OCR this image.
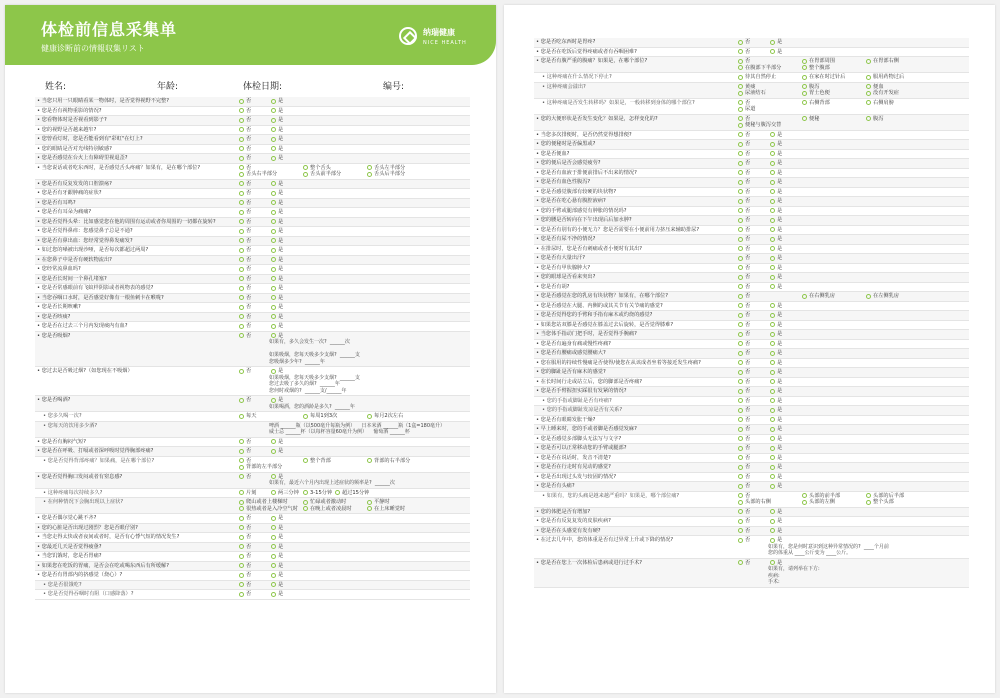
体检前信息采集单
健康诊断前の情報収集リスト
纳瑞健康
NICE HEALTH
姓名:	年龄:	体检日期:	编号:
• 当您只用一只眼睛看某一物体时，是否觉得视野不完整?	否	是
• 您是否有视物重影的情况?	否	是
• 您看物体时是否视看到影子?	否	是
• 您的视野是否越来越窄?	否	是
• 您曾看灯时，您是否能看到有"彩虹"在灯上?	否	是
• 您的眼睛是否对光线特别敏感?	否	是
• 您是否感觉在台火上有障碍里视退歪?	否	是
• 当您说话或者吃东西时，是否感觉舌头疼痛？如果有，是在哪个部位?	否	整个舌头	舌头左半部分
舌头右半部分	舌头前半部分	舌头后半部分
• 您是否有反复发发的口腔溃疡?	否	是
• 您是否有牙龈肿痛的症状?	否	是
• 您是否有耳鸣?	否	是
• 您是否有耳朵为痛痛?	否	是
• 您是否觉得头晕：比如感觉您在他的周围有运动或者你周围的一切都在旋转?	否	是
• 您是否觉得鼻痒：您感觉鼻子总是不通?	否	是
• 您是否有鼻出血：您经常觉得鼻发痛发?	否	是
• 如过您的嗓被出现沙哑，是否每次都超过两周?	否	是
• 在您鼻子中是否有硬软物流出?	否	是
• 您经常流鼻血吗?	否	是
• 您是否长时间一个鼻孔堵塞?	否	是
• 您是否常感眼前有飞蚊样阴影或者视物表的感觉?	否	是
• 当您吞咽口水时，是否感觉好像有一根鱼刺卡在喉咙?	否	是
• 您是否长期咳嗽?	否	是
• 您是否咳痰?	否	是
• 您是否在过去三个月内发现痰内有血?	否	是
• 您是否吸烟?	否	是
如果有，多久会发生一次?  ______次

如果吸烟，您每天吸多少支烟?  ______支
您吸烟多少年?  ______年
• 您过去是否吸过烟?（如您现在不吸烟）	否	是
如果吸烟，您每天吸多少支烟?  ______支
您过去吸了多久的烟?  ______年
您何时戒烟的?  ______支/______年
• 您是否喝酒?	否	是
如果喝酒，您的酒龄是多久?  ______年
• 您多久喝一次?	每天	每周1到3次	每月2次左右
• 您每天的饮用多少酒?	啤酒 ______瓶（以500毫升每瓶为例）    日本米酒 ______瓶（1盒=180毫升）
威士忌 ______杯（以每杯容量60毫升为例）    葡萄酒 ______杯
• 您是否有胸闷气短?	否	是
• 您是否在呼吸、打嗝或者深呼吸时觉得胸部疼痛?	否	是
• 您是否觉得背部疼痛？如果痛，是在哪个部位?	否	整个背部	背部的右半部分
背部的左半部分
• 您是否觉得胸口发闷或者有窒息感?	否	是
如果有，最近六个月内出现上述症状的频率是?  ______次
• 这种疼痛每次持续多久?	片刻	两三分钟 3-15分钟 超过15分钟
• 在何种情况下会胸出现以上症状?	爬山或者上楼梯时	忙碌或者激动时	平静时
很热或者是入冷空气时 在晚上或者凌晨时	在上床睡觉时
• 您是否偶尔觉心跳不齐?	否	是
• 您的心脏是否出现过剧烈？您是否眼仔别?	否	是
• 当您走得太快或者夜间或者时，是否有心悸气短的情况发生?	否	是
• 您最近几天是否觉得疲惫?	否	是
• 当您饥饿时，您是否胃痛?	否	是
• 如果您在吃饭的胃痛，是否会在吃或喝东西后有所缓解?	否	是
• 您是否有胃部内的挤感觉（烧心）?	否	是
• 您是否很饿吃?	否	是
• 您是否觉得吞咽时有阻（口感降落）?	否	是
• 您是否吃东西时是胃疼?	否	是
• 您是否在吃饭后觉得疼痛或者有吞咽困难?	否	是
• 您是否有腹严重的腹痛？如果是，在哪个部位?	否	在胃部周围	在胃部右侧
在腹部下半部分	整个腹部
• 这种疼痛在什么情况下停止?	待其自然停止	在家在时过针后	服用药物过后
• 这种疼痛会溢出?	黄痰	腹泻	便血
尿液结石	胃土色便	没有开发症
• 这种疼痛是否发生转移吗？如果是，一般转移到身体的哪个部位?	否	右侧背部	右侧肩膀
尿道
• 您的大便形状是否发生变化？如果是，怎样变化的?	否	便秘	腹泻
便秘与腹泻交替
• 当您多次排便时，是否仍然觉得想排便?	否	是
• 您的便秘时是否偏黑或?	否	是
• 您是否便血?	否	是
• 您的便后是否会感觉疲劳?	否	是
• 您是否有血液于排便前排后不出来的情况?	否	是
• 您是否有血色性腹泻?	否	是
• 您是否感觉腹部有较硬的块状物?	否	是
• 您是否在吃心悬有腹腔液病?	否	是
• 您的手臂或腿部感觉有肿胀的情况吗?	否	是
• 您的腰是否转向在下午出现后后加水肿?	否	是
• 您是否有别有的小便无力？您是否需要在小便前用力挤压来辅助排尿?	否	是
• 您是否有尿不净的情况?	否	是
• 在排尿时，您是否有刺痛或者小便时有其出?	否	是
• 您是否有大量出汗?	否	是
• 您是否有甲状腺肿大?	否	是
• 您的眼球是否看来突出?	否	是
• 您是否有胡?	否	是
• 您是否感觉在您的乳房有块状物？如果有，在哪个部位?	否	在右侧乳房	在左侧乳房
• 您是否感觉在大腿、内侧的或其关节有关节痛的感觉?	否	是
• 您是否觉得您的手臂和手指有麻木或灼烧的感觉?	否	是
• 如果您站双膝是否感觉在膝盖过去后旋转，是否觉得膝难?	否	是
• 当您体手指动门把手时，是否觉得手腕痛?	否	是
• 您是否有遍身有痛或慢性疼痛?	否	是
• 您是否有腰痛或感觉腰痛大?	否	是
• 您在服用的持续性慢痛是否使得/使您在从该成者坐着等接近发生疼痛?	否	是
• 您的脚趾是否有麻木的感觉?	否	是
• 在长时间行走或站立后，您的脚部是否疼痛?	否	是
• 您是否手臂握扭实踩很有发紧的情况?	否	是
• 您的手指或脚趾是否有疼痛?	否	是
• 您的手指或脚趾发凉是否有关系?	否	是
• 您是否有眼睛发胀干燥?	否	是
• 早上睡来时，您的手或者脚是否感觉发麻?	否	是
• 您是否感觉多部脚头无法写与文字?	否	是
• 您是否可以正常移动您的手臂或腿部?	否	是
• 您是否在说话时，发音不清楚?	否	是
• 您是否在行走时有晃动的感觉?	否	是
• 您是否出现过头发与较固的情况?	否	是
• 您是否有头痛?	否	是
• 如果有，您的头痛是越来越严重吗？如果是，哪个部位痛?	否	头部的前半部	头部的后半部
头部的右侧	头部的左侧	整个头部
• 您的体肥是否有增加?	否	是
• 您是否有反复复发的皮肤疾病?	否	是
• 您是否在头感觉有发有硬?	否	是
• 在过去几年中，您的体重是否有过异常上升或下降的情况?	否	是
如果有，您是何时意识到这种异常情况的?  ____个月前
您的体重从 ____公斤变为 ____公斤。
• 您是否在您上一次体检后患病或进行过手术?	否	是
如果有，请列举在下方:
疾病:
手术:
